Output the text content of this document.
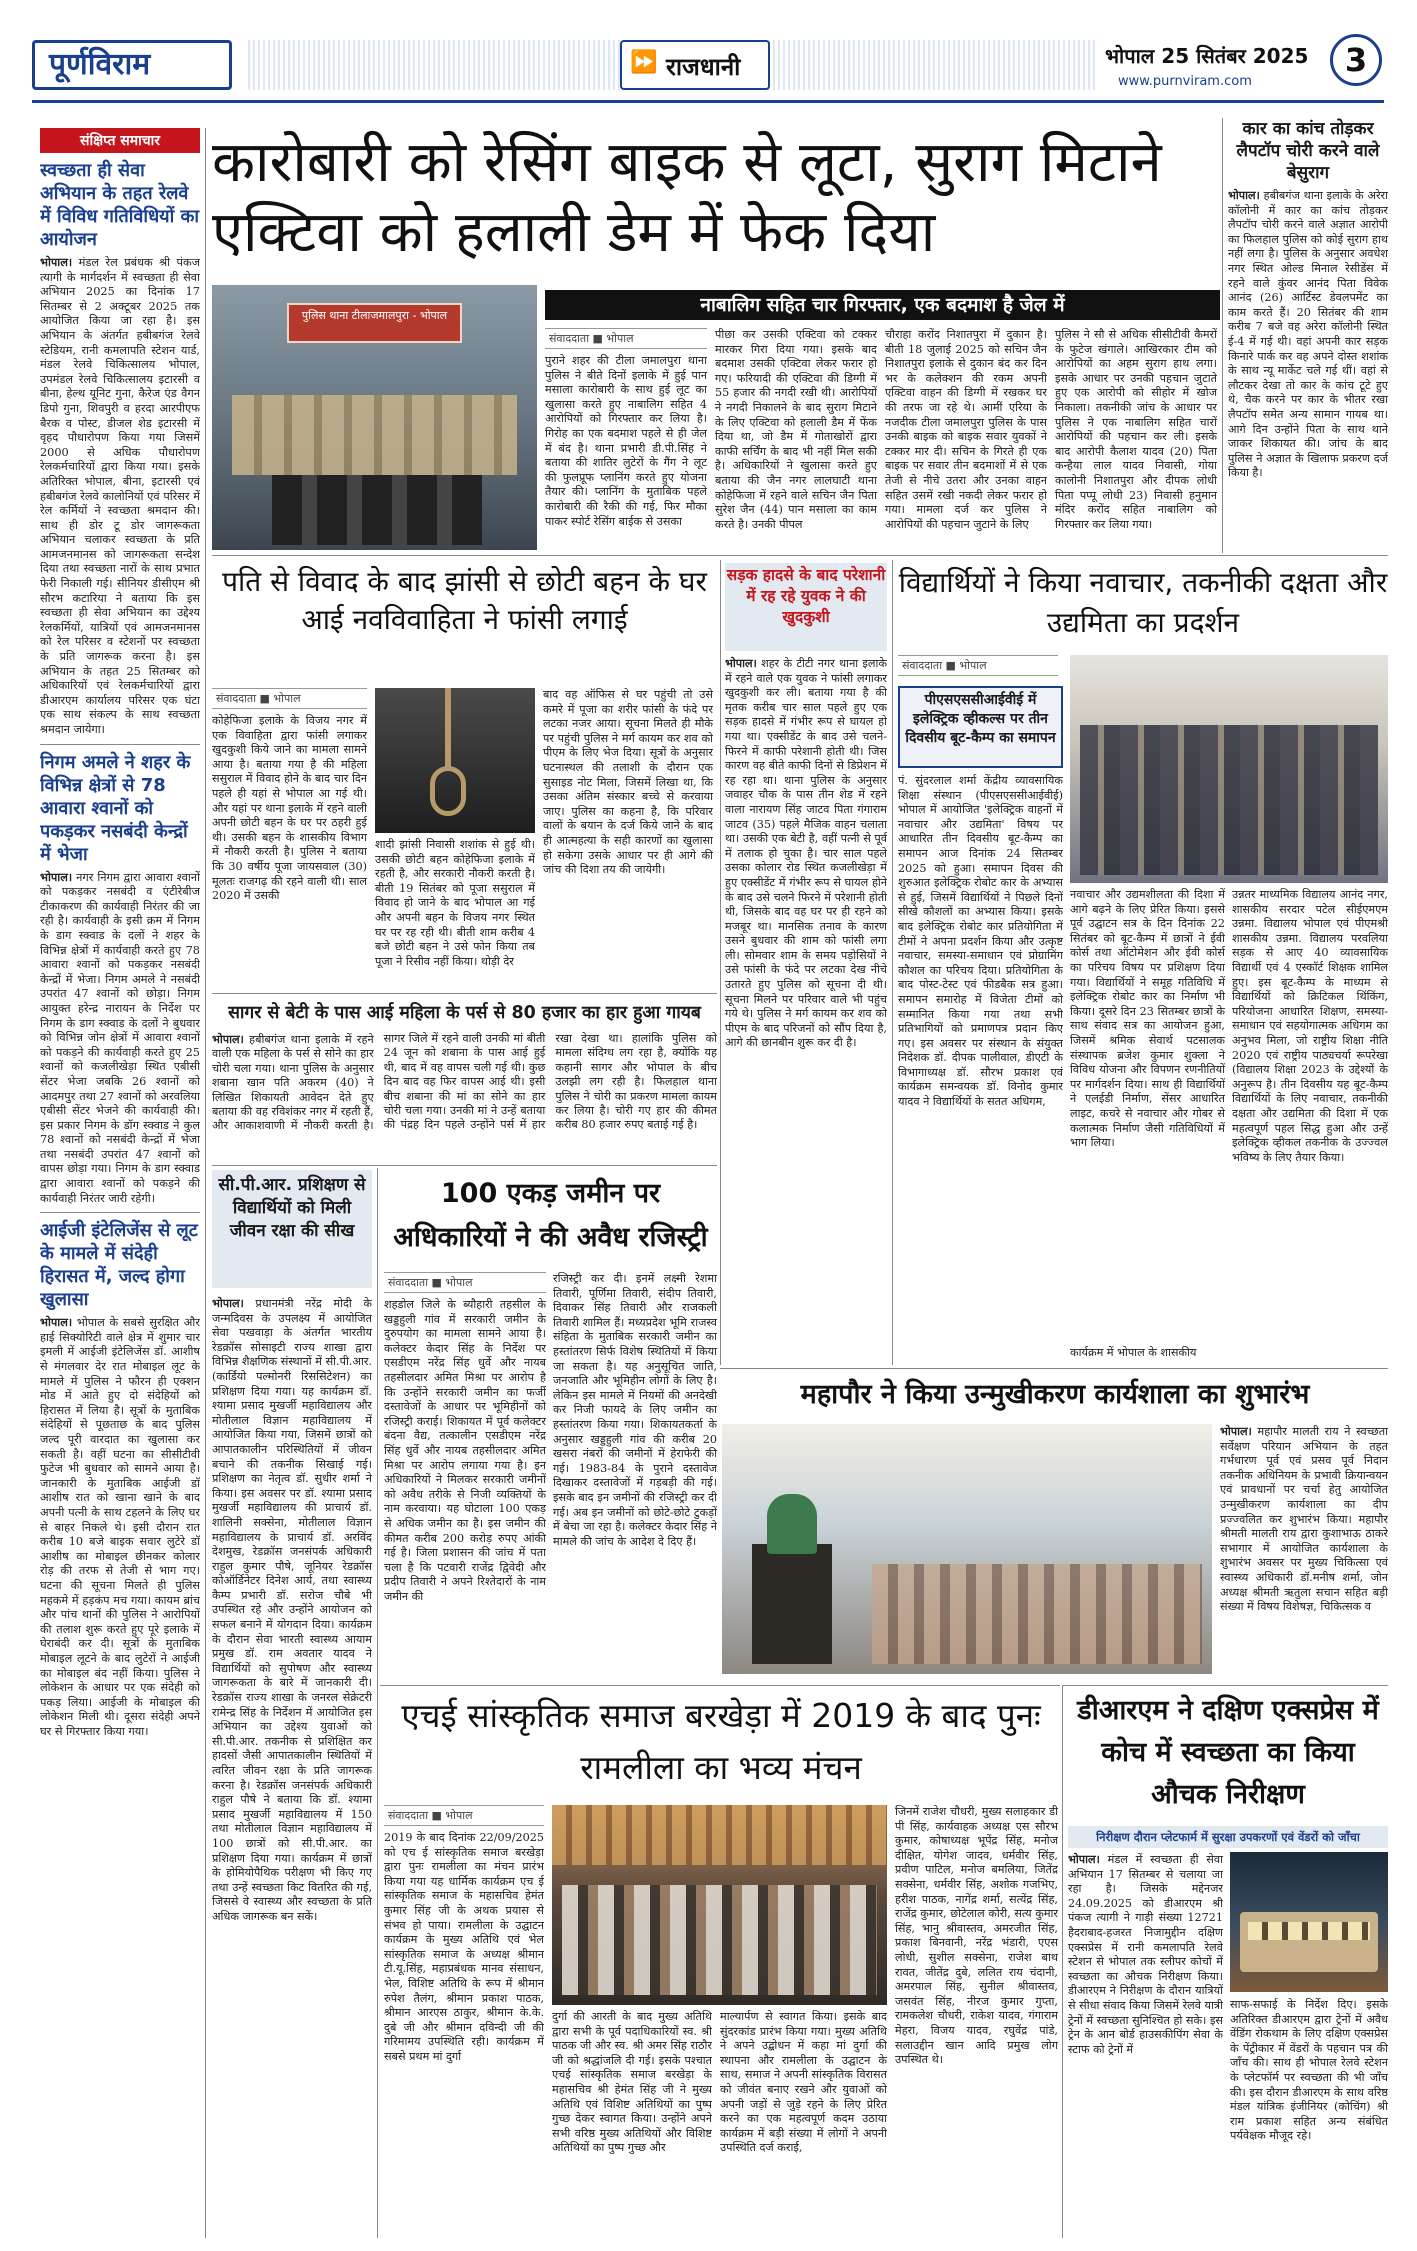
पूर्णविराम	⏩ राजधानी	भोपाल 25 सितंबर 2025
www.purnviram.com
3
संक्षिप्त समाचार
स्वच्छता ही सेवा अभियान के तहत रेलवे में विविध गतिविधियों का आयोजन
भोपाल। मंडल रेल प्रबंधक श्री पंकज त्यागी के मार्गदर्शन में स्वच्छता ही सेवा अभियान 2025 का दिनांक 17 सितम्बर से 2 अक्टूबर 2025 तक आयोजित किया जा रहा है। इस अभियान के अंतर्गत हबीबगंज रेलवे स्टेडियम, रानी कमलापति स्टेशन यार्ड, मंडल रेलवे चिकित्सालय भोपाल, उपमंडल रेलवे चिकित्सालय इटारसी व बीना, हेल्थ यूनिट गुना, कैरेज एंड वैगन डिपो गुना, शिवपुरी व हरदा आरपीएफ बैरक व पोस्ट, डीजल शेड इटारसी में वृहद पौधारोपण किया गया जिसमें 2000 से अधिक पौधारोपण रेलकर्मचारियों द्वारा किया गया। इसके अतिरिक्त भोपाल, बीना, इटारसी एवं हबीबगंज रेलवे कालोनियों एवं परिसर में रेल कर्मियों ने स्वच्छता श्रमदान की। साथ ही डोर टू डोर जागरूकता अभियान चलाकर स्वच्छता के प्रति आमजनमानस को जागरूकता सन्देश दिया तथा स्वच्छता नारों के साथ प्रभात फेरी निकाली गई। सीनियर डीसीएम श्री सौरभ कटारिया ने बताया कि इस स्वच्छता ही सेवा अभियान का उद्देश्य रेलकर्मियों, यात्रियों एवं आमजनमानस को रेल परिसर व स्टेशनों पर स्वच्छता के प्रति जागरूक करना है। इस अभियान के तहत 25 सितम्बर को अधिकारियों एवं रेलकर्मचारियों द्वारा डीआरएम कार्यालय परिसर एक घंटा एक साथ संकल्प के साथ स्वच्छता श्रमदान जायेगा।
निगम अमले ने शहर के विभिन्न क्षेत्रों से 78 आवारा श्वानों को पकड़कर नसबंदी केन्द्रों में भेजा
भोपाल। नगर निगम द्वारा आवारा श्वानों को पकड़कर नसबंदी व एंटीरेबीज टीकाकरण की कार्यवाही निरंतर की जा रही है। कार्यवाही के इसी क्रम में निगम के डाग स्क्वाड के दलों ने शहर के विभिन्न क्षेत्रों में कार्यवाही करते हुए 78 आवारा श्वानों को पकड़कर नसबंदी केन्द्रों में भेजा। निगम अमले ने नसबंदी उपरांत 47 श्वानों को छोड़ा। निगम आयुक्त हरेन्द्र नारायन के निर्देश पर निगम के डाग स्क्वाड के दलों ने बुधवार को विभिन्न जोन क्षेत्रों में आवारा श्वानों को पकड़ने की कार्यवाही करते हुए 25 श्वानों को कजलीखेड़ा स्थित एबीसी सेंटर भेजा जबकि 26 श्वानों को आदमपुर तथा 27 श्वानों को अरवलिया एबीसी सेंटर भेजने की कार्यवाही की। इस प्रकार निगम के डॉग स्क्वाड ने कुल 78 श्वानों को नसबंदी केन्द्रों में भेजा तथा नसबंदी उपरांत 47 श्वानों को वापस छोड़ा गया। निगम के डाग स्क्वाड द्वारा आवारा श्वानों को पकड़ने की कार्यवाही निरंतर जारी रहेगी।
आईजी इंटेलिजेंस से लूट के मामले में संदेही हिरासत में, जल्द होगा खुलासा
भोपाल। भोपाल के सबसे सुरक्षित और हाई सिक्योरिटी वाले क्षेत्र में शुमार चार इमली में आईजी इंटेलिजेंस डॉ. आशीष से मंगलवार देर रात मोबाइल लूट के मामले में पुलिस ने फौरन ही एक्शन मोड में आते हुए दो संदेहियों को हिरासत में लिया है। सूत्रों के मुताबिक संदेहियों से पूछताछ के बाद पुलिस जल्द पूरी वारदात का खुलासा कर सकती है। वहीं घटना का सीसीटीवी फुटेज भी बुधवार को सामने आया है। जानकारी के मुताबिक आईजी डॉ आशीष रात को खाना खाने के बाद अपनी पत्नी के साथ टहलने के लिए घर से बाहर निकले थे। इसी दौरान रात करीब 10 बजे बाइक सवार लुटेरे डॉ आशीष का मोबाइल छीनकर कोलार रोड़ की तरफ से तेजी से भाग गए। घटना की सूचना मिलते ही पुलिस महकमे में हड़कंप मच गया। कायम ब्रांच और पांच थानों की पुलिस ने आरोपियों की तलाश शुरू करते हुए पूरे इलाके में घेराबंदी कर दी। सूत्रों के मुताबिक मोबाइल लूटने के बाद लुटेरों ने आईजी का मोबाइल बंद नहीं किया। पुलिस ने लोकेशन के आधार पर एक संदेही को पकड़ लिया। आईजी के मोबाइल की लोकेशन मिली थी। दूसरा संदेही अपने घर से गिरफ्तार किया गया।
कारोबारी को रेसिंग बाइक से लूटा, सुराग मिटाने एक्टिवा को हलाली डेम में फेक दिया
पुलिस थाना टीलाजमालपुरा - भोपाल	नाबालिग सहित चार गिरफ्तार, एक बदमाश है जेल में
संवाददाता ■ भोपाल
पुराने शहर की टीला जमालपुरा थाना पुलिस ने बीते दिनों इलाके में हुई पान मसाला कारोबारी के साथ हुई लूट का खुलासा करते हुए नाबालिग सहित 4 आरोपियों को गिरफ्तार कर लिया है। गिरोह का एक बदमाश पहले से ही जेल में बंद है। थाना प्रभारी डी.पी.सिंह ने बताया की शातिर लुटेरों के गैंग ने लूट की फुलप्रूफ प्लानिंग करते हुए योजना तैयार की। प्लानिंग के मुताबिक पहले कारोबारी की रैकी की गई, फिर मौका पाकर स्पोर्ट रेसिंग बाईक से उसका
पीछा कर उसकी एक्टिवा को टक्कर मारकर गिरा दिया गया। इसके बाद बदमाश उसकी एक्टिवा लेकर फरार हो गए। फरियादी की एक्टिवा की डिग्गी में 55 हजार की नगदी रखी थी। आरोपियों ने नगदी निकालने के बाद सुराग मिटाने के लिए एक्टिवा को हलाली डैम में फेंक दिया था, जो डैम में गोताखोरों द्वारा काफी सर्चिंग के बाद भी नहीं मिल सकी है। अधिकारियों ने खुलासा करते हुए बताया की जैन नगर लालघाटी थाना कोहेफिजा में रहने वाले सचिन जैन पिता सुरेश जैन (44) पान मसाला का काम करते है। उनकी पीपल
चौराहा करोंद निशातपुरा में दुकान है। बीती 18 जुलाई 2025 को सचिन जैन निशातपुरा इलाके से दुकान बंद कर दिन भर के कलेक्शन की रकम अपनी एक्टिवा वाहन की डिग्गी में रखकर घर की तरफ जा रहे थे। आमीं एरिया के नजदीक टीला जमालपुरा पुलिस के पास उनकी बाइक को बाइक सवार युवकों ने टक्कर मार दी। सचिन के गिरते ही एक बाइक पर सवार तीन बदमाशों में से एक तेजी से नीचे उतरा और उनका वाहन सहित उसमें रखी नकदी लेकर फरार हो गया। मामला दर्ज कर पुलिस ने आरोपियों की पहचान जुटाने के लिए
पुलिस ने सौ से अधिक सीसीटीवी कैमरों के फुटेज खंगाले। आखिरकार टीम को आरोपियों का अहम सुराग हाथ लगा। इसके आधार पर उनकी पहचान जुटाते हुए एक आरोपी को सीहोर में खोज निकाला। तकनीकी जांच के आधार पर पुलिस ने एक नाबालिग सहित चारों आरोपियों की पहचान कर ली। इसके बाद आरोपी कैलाश यादव (20) पिता कन्हैया लाल यादव निवासी, गोया कालोनी निशातपुरा और दीपक लोधी पिता पप्पू लोधी 23) निवासी हनुमान मंदिर करोंद सहित नाबालिग को गिरफ्तार कर लिया गया।
कार का कांच तोड़कर लैपटॉप चोरी करने वाले बेसुराग
भोपाल। हबीबगंज थाना इलाके के अरेरा कॉलोनी में कार का कांच तोड़कर लैपटॉप चोरी करने वाले अज्ञात आरोपी का फिलहाल पुलिस को कोई सुराग हाथ नहीं लगा है। पुलिस के अनुसार अवधेश नगर स्थित ओल्ड मिनाल रेसीडेंस में रहने वाले कुंवर आनंद पिता विवेक आनंद (26) आर्टिस्ट डेवलपमेंट का काम करते हैं। 20 सितंबर की शाम करीब 7 बजे वह अरेरा कॉलोनी स्थित ई-4 में गई थी। वहां अपनी कार सड़क किनारे पार्क कर वह अपने दोस्त शशांक के साथ न्यू मार्केट चले गई थीं। वहां से लौटकर देखा तो कार के कांच टूटे हुए थे, चैक करने पर कार के भीतर रखा लैपटॉप समेत अन्य सामान गायब था। आगे दिन उन्होंने पिता के साथ थाने जाकर शिकायत की। जांच के बाद पुलिस ने अज्ञात के खिलाफ प्रकरण दर्ज किया है।
पति से विवाद के बाद झांसी से छोटी बहन के घर आई नवविवाहिता ने फांसी लगाई
संवाददाता ■ भोपाल
कोहेफिजा इलाके के विजय नगर में एक विवाहिता द्वारा फांसी लगाकर खुदकुशी किये जाने का मामला सामने आया है। बताया गया है की महिला ससुराल में विवाद होने के बाद चार दिन पहले ही यहां से भोपाल आ गई थी। और यहां पर थाना इलाके में रहने वाली अपनी छोटी बहन के घर पर ठहरी हुई थी। उसकी बहन के शासकीय विभाग में नौकरी करती है। पुलिस ने बताया कि 30 वर्षीय पूजा जायसवाल (30) मूलतः राजगढ़ की रहने वाली थी। साल 2020 में उसकी
शादी झांसी निवासी शशांक से हुई थी। उसकी छोटी बहन कोहेफिजा इलाके में रहती है, और सरकारी नौकरी करती है। बीती 19 सितंबर को पूजा ससुराल में विवाद हो जाने के बाद भोपाल आ गई और अपनी बहन के विजय नगर स्थित घर पर रह रही थी। बीती शाम करीब 4 बजे छोटी बहन ने उसे फोन किया तब पूजा ने रिसीव नहीं किया। थोड़ी देर
बाद वह ऑफिस से घर पहुंची तो उसे कमरे में पूजा का शरीर फांसी के फंदे पर लटका नजर आया। सूचना मिलते ही मौके पर पहुंची पुलिस ने मर्ग कायम कर शव को पीएम के लिए भेज दिया। सूत्रों के अनुसार घटनास्थल की तलाशी के दौरान एक सुसाइड नोट मिला, जिसमें लिखा था, कि उसका अंतिम संस्कार बच्चे से करवाया जाए। पुलिस का कहना है, कि परिवार वालों के बयान के दर्ज किये जाने के बाद ही आत्महत्या के सही कारणों का खुलासा हो सकेगा उसके आधार पर ही आगे की जांच की दिशा तय की जायेगी।
सागर से बेटी के पास आई महिला के पर्स से 80 हजार का हार हुआ गायब
भोपाल। हबीबगंज थाना इलाके में रहने वाली एक महिला के पर्स से सोने का हार चोरी चला गया। थाना पुलिस के अनुसार शबाना खान पति अकरम (40) ने लिखित शिकायती आवेदन देते हुए बताया की वह रविशंकर नगर में रहती हैं, और आकाशवाणी में नौकरी करती है। सागर जिले में रहने वाली उनकी मां बीती 24 जून को शबाना के पास आई हुई थी, बाद में वह वापस चली गई थी। कुछ दिन बाद वह फिर वापस आई थी। इसी बीच शबाना की मां का सोने का हार चोरी चला गया। उनकी मां ने उन्हें बताया की पंद्रह दिन पहले उन्होंने पर्स में हार रखा देखा था। हालांकि पुलिस को मामला संदिग्ध लग रहा है, क्योंकि यह कहानी सागर और भोपाल के बीच उलझी लग रही है। फिलहाल थाना पुलिस ने चोरी का प्रकरण मामला कायम कर लिया है। चोरी गए हार की कीमत करीब 80 हजार रुपए बताई गई है।
सड़क हादसे के बाद परेशानी में रह रहे युवक ने की खुदकुशी
भोपाल। शहर के टीटी नगर थाना इलाके में रहने वाले एक युवक ने फांसी लगाकर खुदकुशी कर ली। बताया गया है की मृतक करीब चार साल पहले हुए एक सड़क हादसे में गंभीर रूप से घायल हो गया था। एक्सीडेंट के बाद उसे चलने-फिरने में काफी परेशानी होती थी। जिस कारण वह बीते काफी दिनों से डिप्रेशन में रह रहा था। थाना पुलिस के अनुसार जवाहर चौक के पास तीन शेड में रहने वाला नारायण सिंह जाटव पिता गंगाराम जाटव (35) पहले मैजिक वाहन चलाता था। उसकी एक बेटी है, वहीं पत्नी से पूर्व में तलाक हो चुका है। चार साल पहले उसका कोलार रोड स्थित कजलीखेड़ा में हुए एक्सीडेंट में गंभीर रूप से घायल होने के बाद उसे चलने फिरने में परेशानी होती थी, जिसके बाद वह घर पर ही रहने को मजबूर था। मानसिक तनाव के कारण उसने बुधवार की शाम को फांसी लगा ली। सोमवार शाम के समय पड़ोसियों ने उसे फांसी के फंदे पर लटका देख नीचे उतारते हुए पुलिस को सूचना दी थी। सूचना मिलने पर परिवार वाले भी पहुंच गये थे। पुलिस ने मर्ग कायम कर शव को पीएम के बाद परिजनों को सौंप दिया है, आगे की छानबीन शुरू कर दी है।
विद्यार्थियों ने किया नवाचार, तकनीकी दक्षता और उद्यमिता का प्रदर्शन
संवाददाता ■ भोपाल
पीएसएससीआईवीई में इलेक्ट्रिक व्हीकल्स पर तीन दिवसीय बूट-कैम्प का समापन
पं. सुंदरलाल शर्मा केंद्रीय व्यावसायिक शिक्षा संस्थान (पीएसएससीआईवीई) भोपाल में आयोजित 'इलेक्ट्रिक वाहनों में नवाचार और उद्यमिता' विषय पर आधारित तीन दिवसीय बूट-कैम्प का समापन आज दिनांक 24 सितम्बर 2025 को हुआ। समापन दिवस की शुरुआत इलेक्ट्रिक रोबोट कार के अभ्यास से हुई, जिसमें विद्यार्थियों ने पिछले दिनों सीखे कौशलों का अभ्यास किया। इसके बाद इलेक्ट्रिक रोबोट कार प्रतियोगिता में टीमों ने अपना प्रदर्शन किया और उत्कृष्ट नवाचार, समस्या-समाधान एवं प्रोग्रामिंग कौशल का परिचय दिया। प्रतियोगिता के बाद पोस्ट-टेस्ट एवं फीडबैक सत्र हुआ। समापन समारोह में विजेता टीमों को सम्मानित किया गया तथा सभी प्रतिभागियों को प्रमाणपत्र प्रदान किए गए। इस अवसर पर संस्थान के संयुक्त निदेशक डॉ. दीपक पालीवाल, डीएटी के विभागाध्यक्ष डॉ. सौरभ प्रकाश एवं कार्यक्रम समन्वयक डॉ. विनोद कुमार यादव ने विद्यार्थियों के सतत अधिगम,
नवाचार और उद्यमशीलता की दिशा में आगे बढ़ने के लिए प्रेरित किया। इससे पूर्व उद्घाटन सत्र के दिन दिनांक 22 सितंबर को बूट-कैम्प में छात्रों ने ईवी कोर्स तथा ऑटोमेशन और ईवी कोर्स का परिचय विषय पर प्रशिक्षण दिया गया। विद्यार्थियों ने समूह गतिविधि में इलेक्ट्रिक रोबोट कार का निर्माण भी किया। दूसरे दिन 23 सितम्बर छात्रों के साथ संवाद सत्र का आयोजन हुआ, जिसमें श्रमिक सेवार्थ पटसालक संस्थापक ब्रजेश कुमार शुक्ला ने विविध योजना और विपणन रणनीतियों पर मार्गदर्शन दिया। साथ ही विद्यार्थियों ने एलईडी निर्माण, सेंसर आधारित लाइट, कचरे से नवाचार और गोबर से कलात्मक निर्माण जैसी गतिविधियों में भाग लिया।
उन्नतर माध्यमिक विद्यालय आनंद नगर, शासकीय सरदार पटेल सीईएमएम उन्नमा. विद्यालय भोपाल एवं पीएमश्री शासकीय उन्नमा. विद्यालय परवलिया सड़क से आए 40 व्यावसायिक विद्यार्थी एवं 4 एस्कॉर्ट शिक्षक शामिल हुए। इस बूट-कैम्प के माध्यम से विद्यार्थियों को क्रिटिकल थिंकिंग, परियोजना आधारित शिक्षण, समस्या-समाधान एवं सहयोगात्मक अधिगम का अनुभव मिला, जो राष्ट्रीय शिक्षा नीति 2020 एवं राष्ट्रीय पाठ्यचर्या रूपरेखा (विद्यालय शिक्षा 2023 के उद्देश्यों के अनुरूप है। तीन दिवसीय यह बूट-कैम्प विद्यार्थियों के लिए नवाचार, तकनीकी दक्षता और उद्यमिता की दिशा में एक महत्वपूर्ण पहल सिद्ध हुआ और उन्हें इलेक्ट्रिक व्हीकल तकनीक के उज्ज्वल भविष्य के लिए तैयार किया।
कार्यक्रम में भोपाल के शासकीय
सी.पी.आर. प्रशिक्षण से विद्यार्थियों को मिली जीवन रक्षा की सीख
भोपाल। प्रधानमंत्री नरेंद्र मोदी के जन्मदिवस के उपलक्ष्य में आयोजित सेवा पखवाड़ा के अंतर्गत भारतीय रेडक्रॉस सोसाइटी राज्य शाखा द्वारा विभिन्न शैक्षणिक संस्थानों में सी.पी.आर. (कार्डियो पल्मोनरी रिससिटेशन) का प्रशिक्षण दिया गया। यह कार्यक्रम डॉ. श्यामा प्रसाद मुखर्जी महाविद्यालय और मोतीलाल विज्ञान महाविद्यालय में आयोजित किया गया, जिसमें छात्रों को आपातकालीन परिस्थितियों में जीवन बचाने की तकनीक सिखाई गई। प्रशिक्षण का नेतृत्व डॉ. सुधीर शर्मा ने किया। इस अवसर पर डॉ. श्यामा प्रसाद मुखर्जी महाविद्यालय की प्राचार्य डॉ. शालिनी सक्सेना, मोतीलाल विज्ञान महाविद्यालय के प्राचार्य डॉ. अरविंद देशमुख, रेडक्रॉस जनसंपर्क अधिकारी राहुल कुमार पौषे, जूनियर रेडक्रॉस कोऑर्डिनेटर दिनेश आर्य, तथा स्वास्थ्य कैम्प प्रभारी डॉ. सरोज चौबे भी उपस्थित रहे और उन्होंने आयोजन को सफल बनाने में योगदान दिया। कार्यक्रम के दौरान सेवा भारती स्वास्थ्य आयाम प्रमुख डॉ. राम अवतार यादव ने विद्यार्थियों को सुपोषण और स्वास्थ्य जागरूकता के बारे में जानकारी दी। रेडक्रॉस राज्य शाखा के जनरल सेक्रेटरी रामेन्द्र सिंह के निर्देशन में आयोजित इस अभियान का उद्देश्य युवाओं को सी.पी.आर. तकनीक से प्रशिक्षित कर हादसों जैसी आपातकालीन स्थितियों में त्वरित जीवन रक्षा के प्रति जागरूक करना है। रेडक्रॉस जनसंपर्क अधिकारी राहुल पौषे ने बताया कि डॉ. श्यामा प्रसाद मुखर्जी महाविद्यालय में 150 तथा मोतीलाल विज्ञान महाविद्यालय में 100 छात्रों को सी.पी.आर. का प्रशिक्षण दिया गया। कार्यक्रम में छात्रों के होमियोपैथिक परीक्षण भी किए गए तथा उन्हें स्वच्छता किट वितरित की गई, जिससे वे स्वास्थ्य और स्वच्छता के प्रति अधिक जागरूक बन सकें।
100 एकड़ जमीन पर अधिकारियों ने की अवैध रजिस्ट्री
संवाददाता ■ भोपाल
शहडोल जिले के ब्यौहारी तहसील के खड्डहुली गांव में सरकारी जमीन के दुरुपयोग का मामला सामने आया है। कलेक्टर केदार सिंह के निर्देश पर एसडीएम नरेंद्र सिंह धुर्वे और नायब तहसीलदार अमित मिश्रा पर आरोप है कि उन्होंने सरकारी जमीन का फर्जी दस्तावेजों के आधार पर भूमिहीनों को रजिस्ट्री कराई। शिकायत में पूर्व कलेक्टर बंदना वैद्य, तत्कालीन एसडीएम नरेंद्र सिंह धुर्वे और नायब तहसीलदार अमित मिश्रा पर आरोप लगाया गया है। इन अधिकारियों ने मिलकर सरकारी जमीनों को अवैध तरीके से निजी व्यक्तियों के नाम करवाया। यह घोटाला 100 एकड़ से अधिक जमीन का है। इस जमीन की कीमत करीब 200 करोड़ रुपए आंकी गई है। जिला प्रशासन की जांच में पता चला है कि पटवारी राजेंद्र द्विवेदी और प्रदीप तिवारी ने अपने रिश्तेदारों के नाम जमीन की
रजिस्ट्री कर दी। इनमें लक्ष्मी रेशमा तिवारी, पूर्णिमा तिवारी, संदीप तिवारी, दिवाकर सिंह तिवारी और राजकली तिवारी शामिल हैं। मध्यप्रदेश भूमि राजस्व संहिता के मुताबिक सरकारी जमीन का हस्तांतरण सिर्फ विशेष स्थितियों में किया जा सकता है। यह अनुसूचित जाति, जनजाति और भूमिहीन लोगों के लिए है। लेकिन इस मामले में नियमों की अनदेखी कर निजी फायदे के लिए जमीन का हस्तांतरण किया गया। शिकायतकर्ता के अनुसार खड्डहुली गांव की करीब 20 खसरा नंबरों की जमीनों में हेराफेरी की गई। 1983-84 के पुराने दस्तावेज दिखाकर दस्तावेजों में गड़बड़ी की गई। इसके बाद इन जमीनों की रजिस्ट्री कर दी गई। अब इन जमीनों को छोटे-छोटे टुकड़ों में बेचा जा रहा है। कलेक्टर केदार सिंह ने मामले की जांच के आदेश दे दिए हैं।
महापौर ने किया उन्मुखीकरण कार्यशाला का शुभारंभ
भोपाल। महापौर मालती राय ने स्वच्छता सर्वेक्षण परियान अभियान के तहत गर्भधारण पूर्व एवं प्रसव पूर्व निदान तकनीक अधिनियम के प्रभावी क्रियान्वयन एवं प्रावधानों पर चर्चा हेतु आयोजित उन्मुखीकरण कार्यशाला का दीप प्रज्ज्वलित कर शुभारंभ किया। महापौर श्रीमती मालती राय द्वारा कुशाभाऊ ठाकरे सभागार में आयोजित कार्यशाला के शुभारंभ अवसर पर मुख्य चिकित्सा एवं स्वास्थ्य अधिकारी डॉ.मनीष शर्मा, जोन अध्यक्ष श्रीमती ऋतुला सचान सहित बड़ी संख्या में विषय विशेषज्ञ, चिकित्सक व
एचई सांस्कृतिक समाज बरखेड़ा में 2019 के बाद पुनः रामलीला का भव्य मंचन
संवाददाता ■ भोपाल
2019 के बाद दिनांक 22/09/2025 को एच ई सांस्कृतिक समाज बरखेड़ा द्वारा पुनः रामलीला का मंचन प्रारंभ किया गया यह धार्मिक कार्यक्रम एच ई सांस्कृतिक समाज के महासचिव हेमंत कुमार सिंह जी के अथक प्रयास से संभव हो पाया। रामलीला के उद्घाटन कार्यक्रम के मुख्य अतिथि एवं भेल सांस्कृतिक समाज के अध्यक्ष श्रीमान टी.यू.सिंह, महाप्रबंधक मानव संसाधन, भेल, विशिष्ट अतिथि के रूप में श्रीमान रुपेश तैलंग, श्रीमान प्रकाश पाठक, श्रीमान आरएस ठाकुर, श्रीमान के.के. दुबे जी और श्रीमान दविन्दी जी की गरिमामय उपस्थिति रही। कार्यक्रम में सबसे प्रथम मां दुर्गा
दुर्गा की आरती के बाद मुख्य अतिथि द्वारा सभी के पूर्व पदाधिकारियों स्व. श्री पाठक जी और स्व. श्री अमर सिंह राठौर जी को श्रद्धांजलि दी गई। इसके पश्चात एचई सांस्कृतिक समाज बरखेड़ा के महासचिव श्री हेमंत सिंह जी ने मुख्य अतिथि एवं विशिष्ट अतिथियों का पुष्प गुच्छ देकर स्वागत किया। उन्होंने अपने सभी वरिष्ठ मुख्य अतिथियों और विशिष्ट अतिथियों का पुष्प गुच्छ और
माल्यार्पण से स्वागत किया। इसके बाद सुंदरकांड प्रारंभ किया गया। मुख्य अतिथि ने अपने उद्बोधन में कहा मां दुर्गा की स्थापना और रामलीला के उद्घाटन के साथ, समाज ने अपनी सांस्कृतिक विरासत को जीवंत बनाए रखने और युवाओं को अपनी जड़ों से जुड़े रहने के लिए प्रेरित करने का एक महत्वपूर्ण कदम उठाया कार्यक्रम में बड़ी संख्या में लोगों ने अपनी उपस्थिति दर्ज कराई,
जिनमें राजेश चौधरी, मुख्य सलाहकार डी पी सिंह, कार्यवाहक अध्यक्ष एस सौरभ कुमार, कोषाध्यक्ष भूपेंद्र सिंह, मनोज दीक्षित, योगेश जादव, धर्मवीर सिंह, प्रवीण पाटिल, मनोज बमलिया, जितेंद्र सक्सेना, धर्मवीर सिंह, अशोक गजभिए, हरीश पाठक, नागेंद्र शर्मा, सत्येंद्र सिंह, राजेंद्र कुमार, छोटेलाल कोरी, सत्य कुमार सिंह, भानु श्रीवास्तव, अमरजीत सिंह, प्रकाश बिनवानी, नरेंद्र भंडारी, एएस लोधी, सुशील सक्सेना, राजेश बाथ रावत, जीतेंद्र दुबे, ललित राय चंदानी, अमरपाल सिंह, सुनील श्रीवास्तव, जसवंत सिंह, नीरज कुमार गुप्ता, रामकलेश चौधरी, राकेश यादव, गंगाराम मेहरा, विजय यादव, रघुवेंद्र पांडे, सलाउद्दीन खान आदि प्रमुख लोग उपस्थित थे।
डीआरएम ने दक्षिण एक्सप्रेस में कोच में स्वच्छता का किया औचक निरीक्षण
निरीक्षण दौरान प्लेटफार्म में सुरक्षा उपकरणों एवं वेंडरों को जाँचा
भोपाल। मंडल में स्वच्छता ही सेवा अभियान 17 सितम्बर से चलाया जा रहा है। जिसके मद्देनजर 24.09.2025 को डीआरएम श्री पंकज त्यागी ने गाड़ी संख्या 12721 हैदराबाद-हजरत निजामुद्दीन दक्षिण एक्सप्रेस में रानी कमलापति रेलवे स्टेशन से भोपाल तक स्लीपर कोचों में स्वच्छता का औचक निरीक्षण किया। डीआरएम ने निरीक्षण के दौरान यात्रियों से सीधा संवाद किया जिसमें रेलवे यात्री ट्रेनों में स्वच्छता सुनिश्चित हो सके। इस ट्रेन के आन बोर्ड हाउसकीपिंग सेवा के स्टाफ को ट्रेनों में
साफ-सफाई के निर्देश दिए। इसके अतिरिक्त डीआरएम द्वारा ट्रेनों में अवैध वेंडिंग रोकथाम के लिए दक्षिण एक्सप्रेस के पेंट्रीकार में वेंडरों के पहचान पत्र की जाँच की। साथ ही भोपाल रेलवे स्टेशन के प्लेटफॉर्म पर स्वच्छता की भी जाँच की। इस दौरान डीआरएम के साथ वरिष्ठ मंडल यांत्रिक इंजीनियर (कोचिंग) श्री राम प्रकाश सहित अन्य संबंधित पर्यवेक्षक मौजूद रहे।
